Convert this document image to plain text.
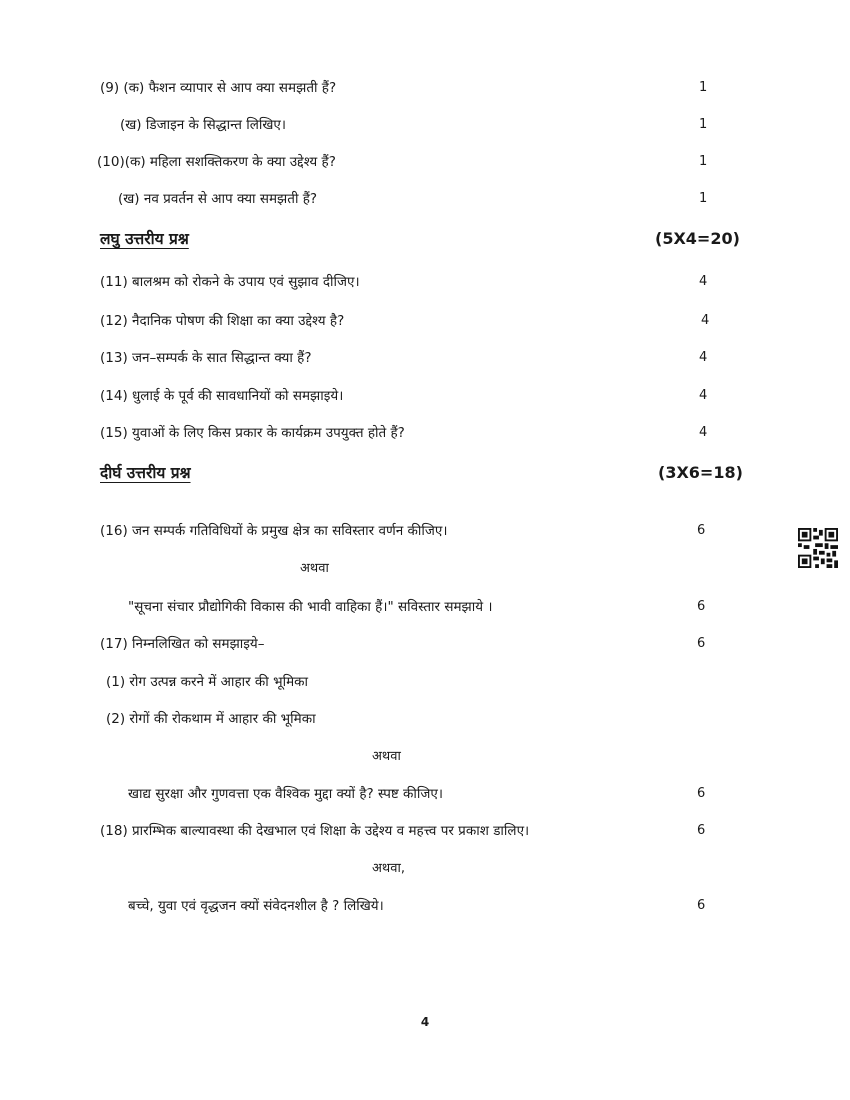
(9) (क) फैशन व्यापार से आप क्या समझती हैं?	1
(ख) डिजाइन के सिद्धान्त लिखिए।	1
(10)(क) महिला सशक्तिकरण के क्या उद्देश्य हैं?	1
(ख) नव प्रवर्तन से आप क्या समझती हैं?	1
लघु उत्तरीय प्रश्न	(5X4=20)
(11) बालश्रम को रोकने के उपाय एवं सुझाव दीजिए।	4
(12) नैदानिक पोषण की शिक्षा का क्या उद्देश्य है?	4
(13) जन–सम्पर्क के सात सिद्धान्त क्या हैं?	4
(14) धुलाई के पूर्व की सावधानियों को समझाइये।	4
(15) युवाओं के लिए किस प्रकार के कार्यक्रम उपयुक्त होते हैं?	4
दीर्घ उत्तरीय प्रश्न	(3X6=18)
(16) जन सम्पर्क गतिविधियों के प्रमुख क्षेत्र का सविस्तार वर्णन कीजिए।	6
अथवा
"सूचना संचार प्रौद्योगिकी विकास की भावी वाहिका हैं।" सविस्तार समझाये ।	6
(17) निम्नलिखित को समझाइये–	6
(1) रोग उत्पन्न करने में आहार की भूमिका
(2) रोगों की रोकथाम में आहार की भूमिका
अथवा
खाद्य सुरक्षा और गुणवत्ता एक वैश्विक मुद्दा क्यों है? स्पष्ट कीजिए।	6
(18) प्रारम्भिक बाल्यावस्था की देखभाल एवं शिक्षा के उद्देश्य व महत्त्व पर प्रकाश डालिए।	6
अथवा,
बच्चे, युवा एवं वृद्धजन क्यों संवेदनशील है ? लिखिये।	6
4
